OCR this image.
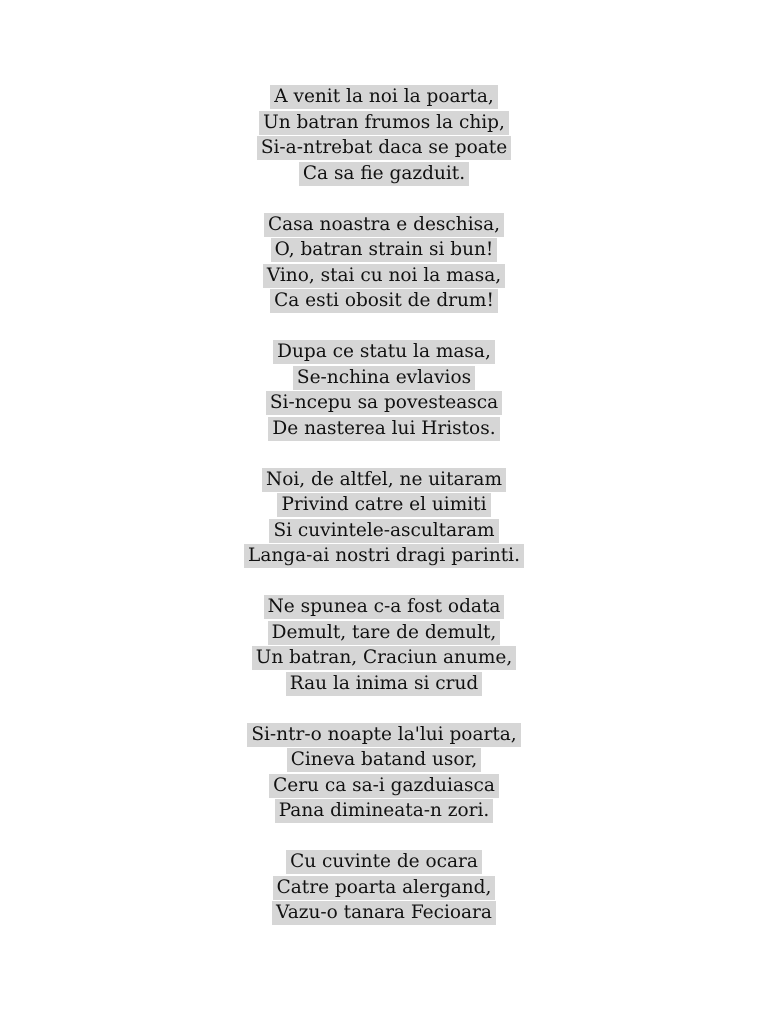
A venit la noi la poarta,
Un batran frumos la chip,
Si-a-ntrebat daca se poate
Ca sa fie gazduit.
Casa noastra e deschisa,
O, batran strain si bun!
Vino, stai cu noi la masa,
Ca esti obosit de drum!
Dupa ce statu la masa,
Se-nchina evlavios
Si-ncepu sa povesteasca
De nasterea lui Hristos.
Noi, de altfel, ne uitaram
Privind catre el uimiti
Si cuvintele-ascultaram
Langa-ai nostri dragi parinti.
Ne spunea c-a fost odata
Demult, tare de demult,
Un batran, Craciun anume,
Rau la inima si crud
Si-ntr-o noapte la'lui poarta,
Cineva batand usor,
Ceru ca sa-i gazduiasca
Pana dimineata-n zori.
Cu cuvinte de ocara
Catre poarta alergand,
Vazu-o tanara Fecioara
